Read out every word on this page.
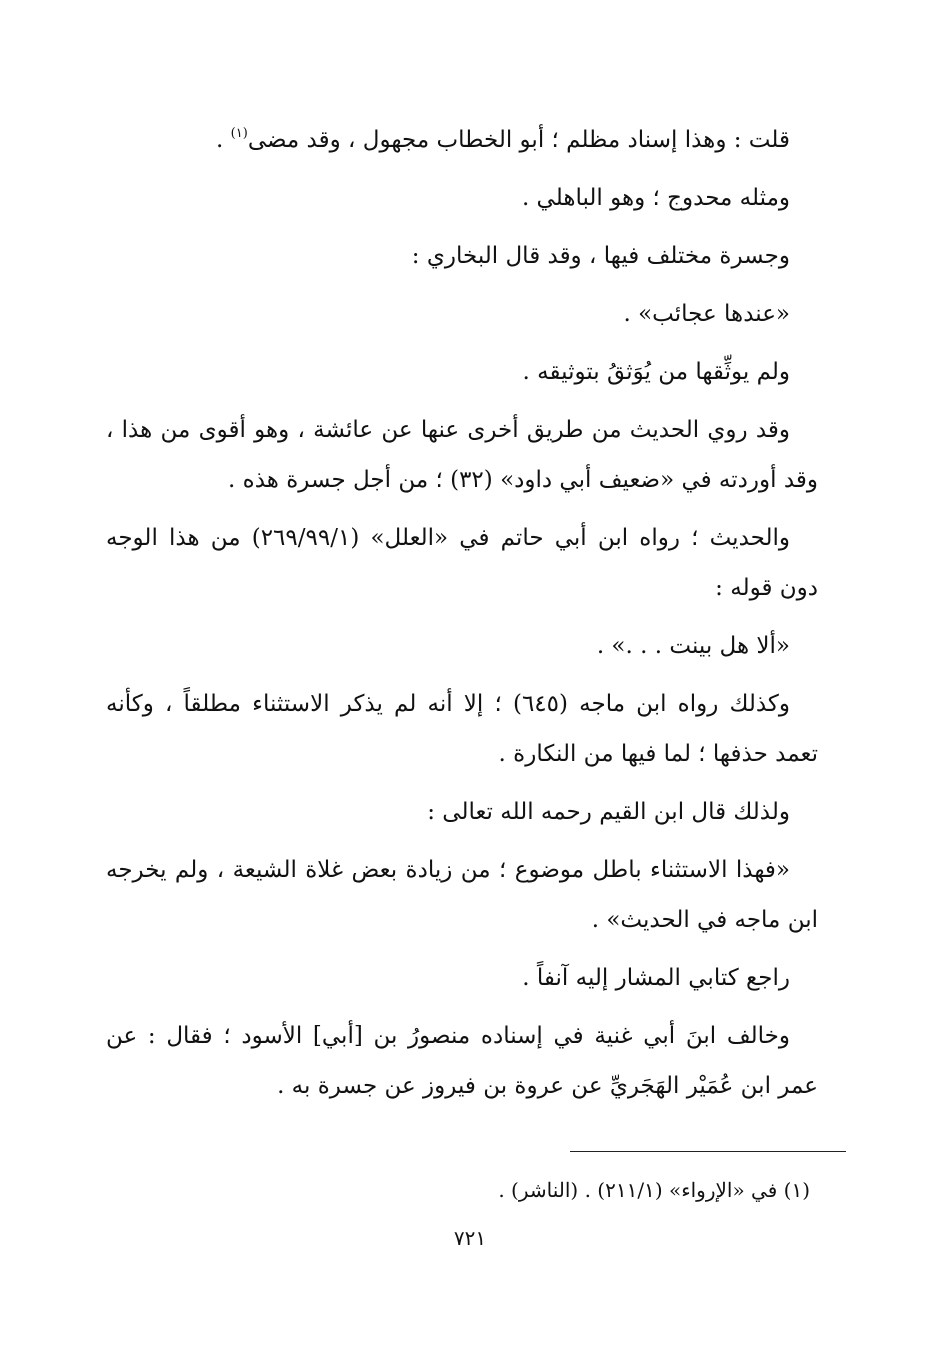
قلت : وهذا إسناد مظلم ؛ أبو الخطاب مجهول ، وقد مضى$^{(١)}$ .

ومثله محدوج ؛ وهو الباهلي .

وجسرة مختلف فيها ، وقد قال البخاري :

«عندها عجائب» .

ولم يوثِّقها من يُوَثقُ بتوثيقه .

وقد روي الحديث من طريق أخرى عنها عن عائشة ، وهو أقوى من هذا ، وقد أوردته في «ضعيف أبي داود» (٣٢) ؛ من أجل جسرة هذه .

والحديث ؛ رواه ابن أبي حاتم في «العلل» (٢٦٩/٩٩/١) من هذا الوجه دون قوله :

«ألا هل بينت . . .» .

وكذلك رواه ابن ماجه (٦٤٥) ؛ إلا أنه لم يذكر الاستثناء مطلقاً ، وكأنه تعمد حذفها ؛ لما فيها من النكارة .

ولذلك قال ابن القيم رحمه الله تعالى :

«فهذا الاستثناء باطل موضوع ؛ من زيادة بعض غلاة الشيعة ، ولم يخرجه ابن ماجه في الحديث» .

راجع كتابي المشار إليه آنفاً .

وخالف ابنَ أبي غنية في إسناده منصورُ بن [أبي] الأسود ؛ فقال : عن عمر ابن عُمَيْر الهَجَريِّ عن عروة بن فيروز عن جسرة به .

(١) في «الإرواء» (٢١١/١) . (الناشر) .
٧٢١
